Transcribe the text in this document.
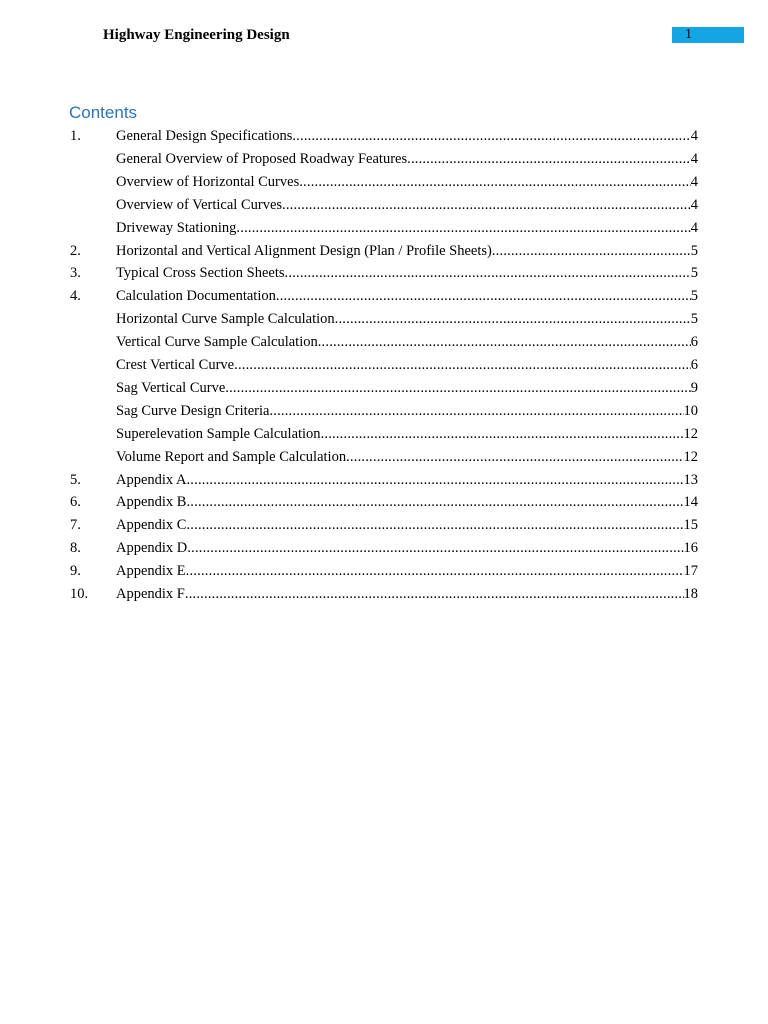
Highway Engineering Design	1
Contents
1. General Design Specifications .....	4
General Overview of Proposed Roadway Features .....	4
Overview of Horizontal Curves .....	4
Overview of Vertical Curves .....	4
Driveway Stationing .....	4
2. Horizontal and Vertical Alignment Design (Plan / Profile Sheets) .....	5
3. Typical Cross Section Sheets .....	5
4. Calculation Documentation .....	5
Horizontal Curve Sample Calculation .....	5
Vertical Curve Sample Calculation .....	6
Crest Vertical Curve .....	6
Sag Vertical Curve .....	9
Sag Curve Design Criteria .....	10
Superelevation Sample Calculation .....	12
Volume Report and Sample Calculation .....	12
5. Appendix A .....	13
6. Appendix B .....	14
7. Appendix C .....	15
8. Appendix D .....	16
9. Appendix E .....	17
10. Appendix F .....	18
